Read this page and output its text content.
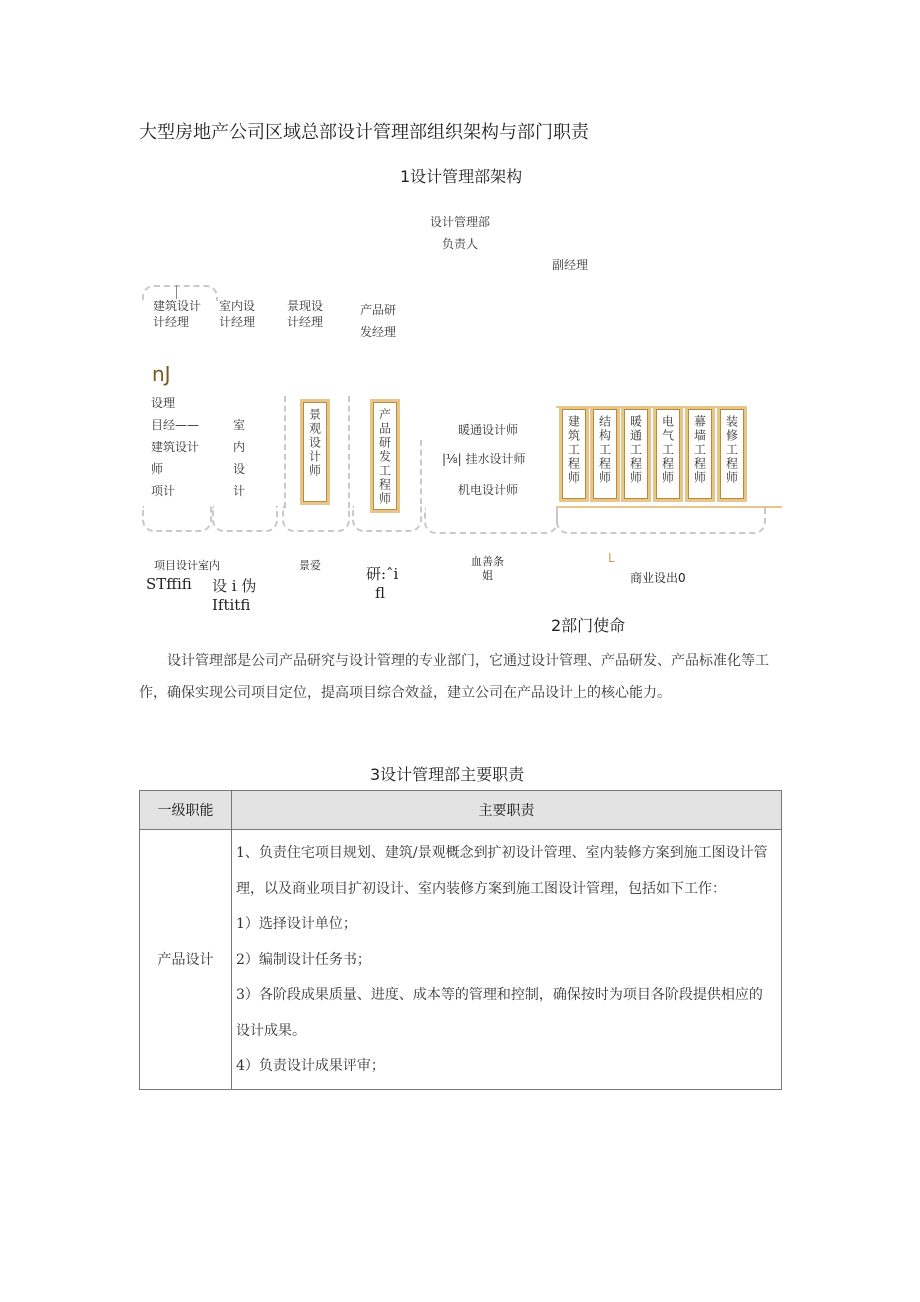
大型房地产公司区域总部设计管理部组织架构与部门职责
1设计管理部架构
设计管理部
负责人
副经理
建筑设计
计经理
室内设
计经理
景现设
计经理
产品研
发经理
nJ
设理
目经——
建筑设计
师
项计
室
内
设
计
景观设计师	产品研发工程师	暖通设计师
|⅛| 挂水设计师
机电设计师
建筑工程师 结构工程师 暖通工程师 电气工程师 幕墙工程师 装修工程师
项目设计室内
STffifi 设 i 伪
Iftitfi
景爱	研:ˆi
fl
血善条
姐
L
商业设出0
2部门使命
设计管理部是公司产品研究与设计管理的专业部门，它通过设计管理、产品研发、产品标准化等工作，确保实现公司项目定位，提高项目综合效益，建立公司在产品设计上的核心能力。
3设计管理部主要职责
一级职能	主要职责
产品设计	1、负责住宅项目规划、建筑/景观概念到扩初设计管理、室内装修方案到施工图设计管理，以及商业项目扩初设计、室内装修方案到施工图设计管理，包括如下工作：
1）选择设计单位；
2）编制设计任务书；
3）各阶段成果质量、进度、成本等的管理和控制，确保按时为项目各阶段提供相应的设计成果。
4）负责设计成果评审；
